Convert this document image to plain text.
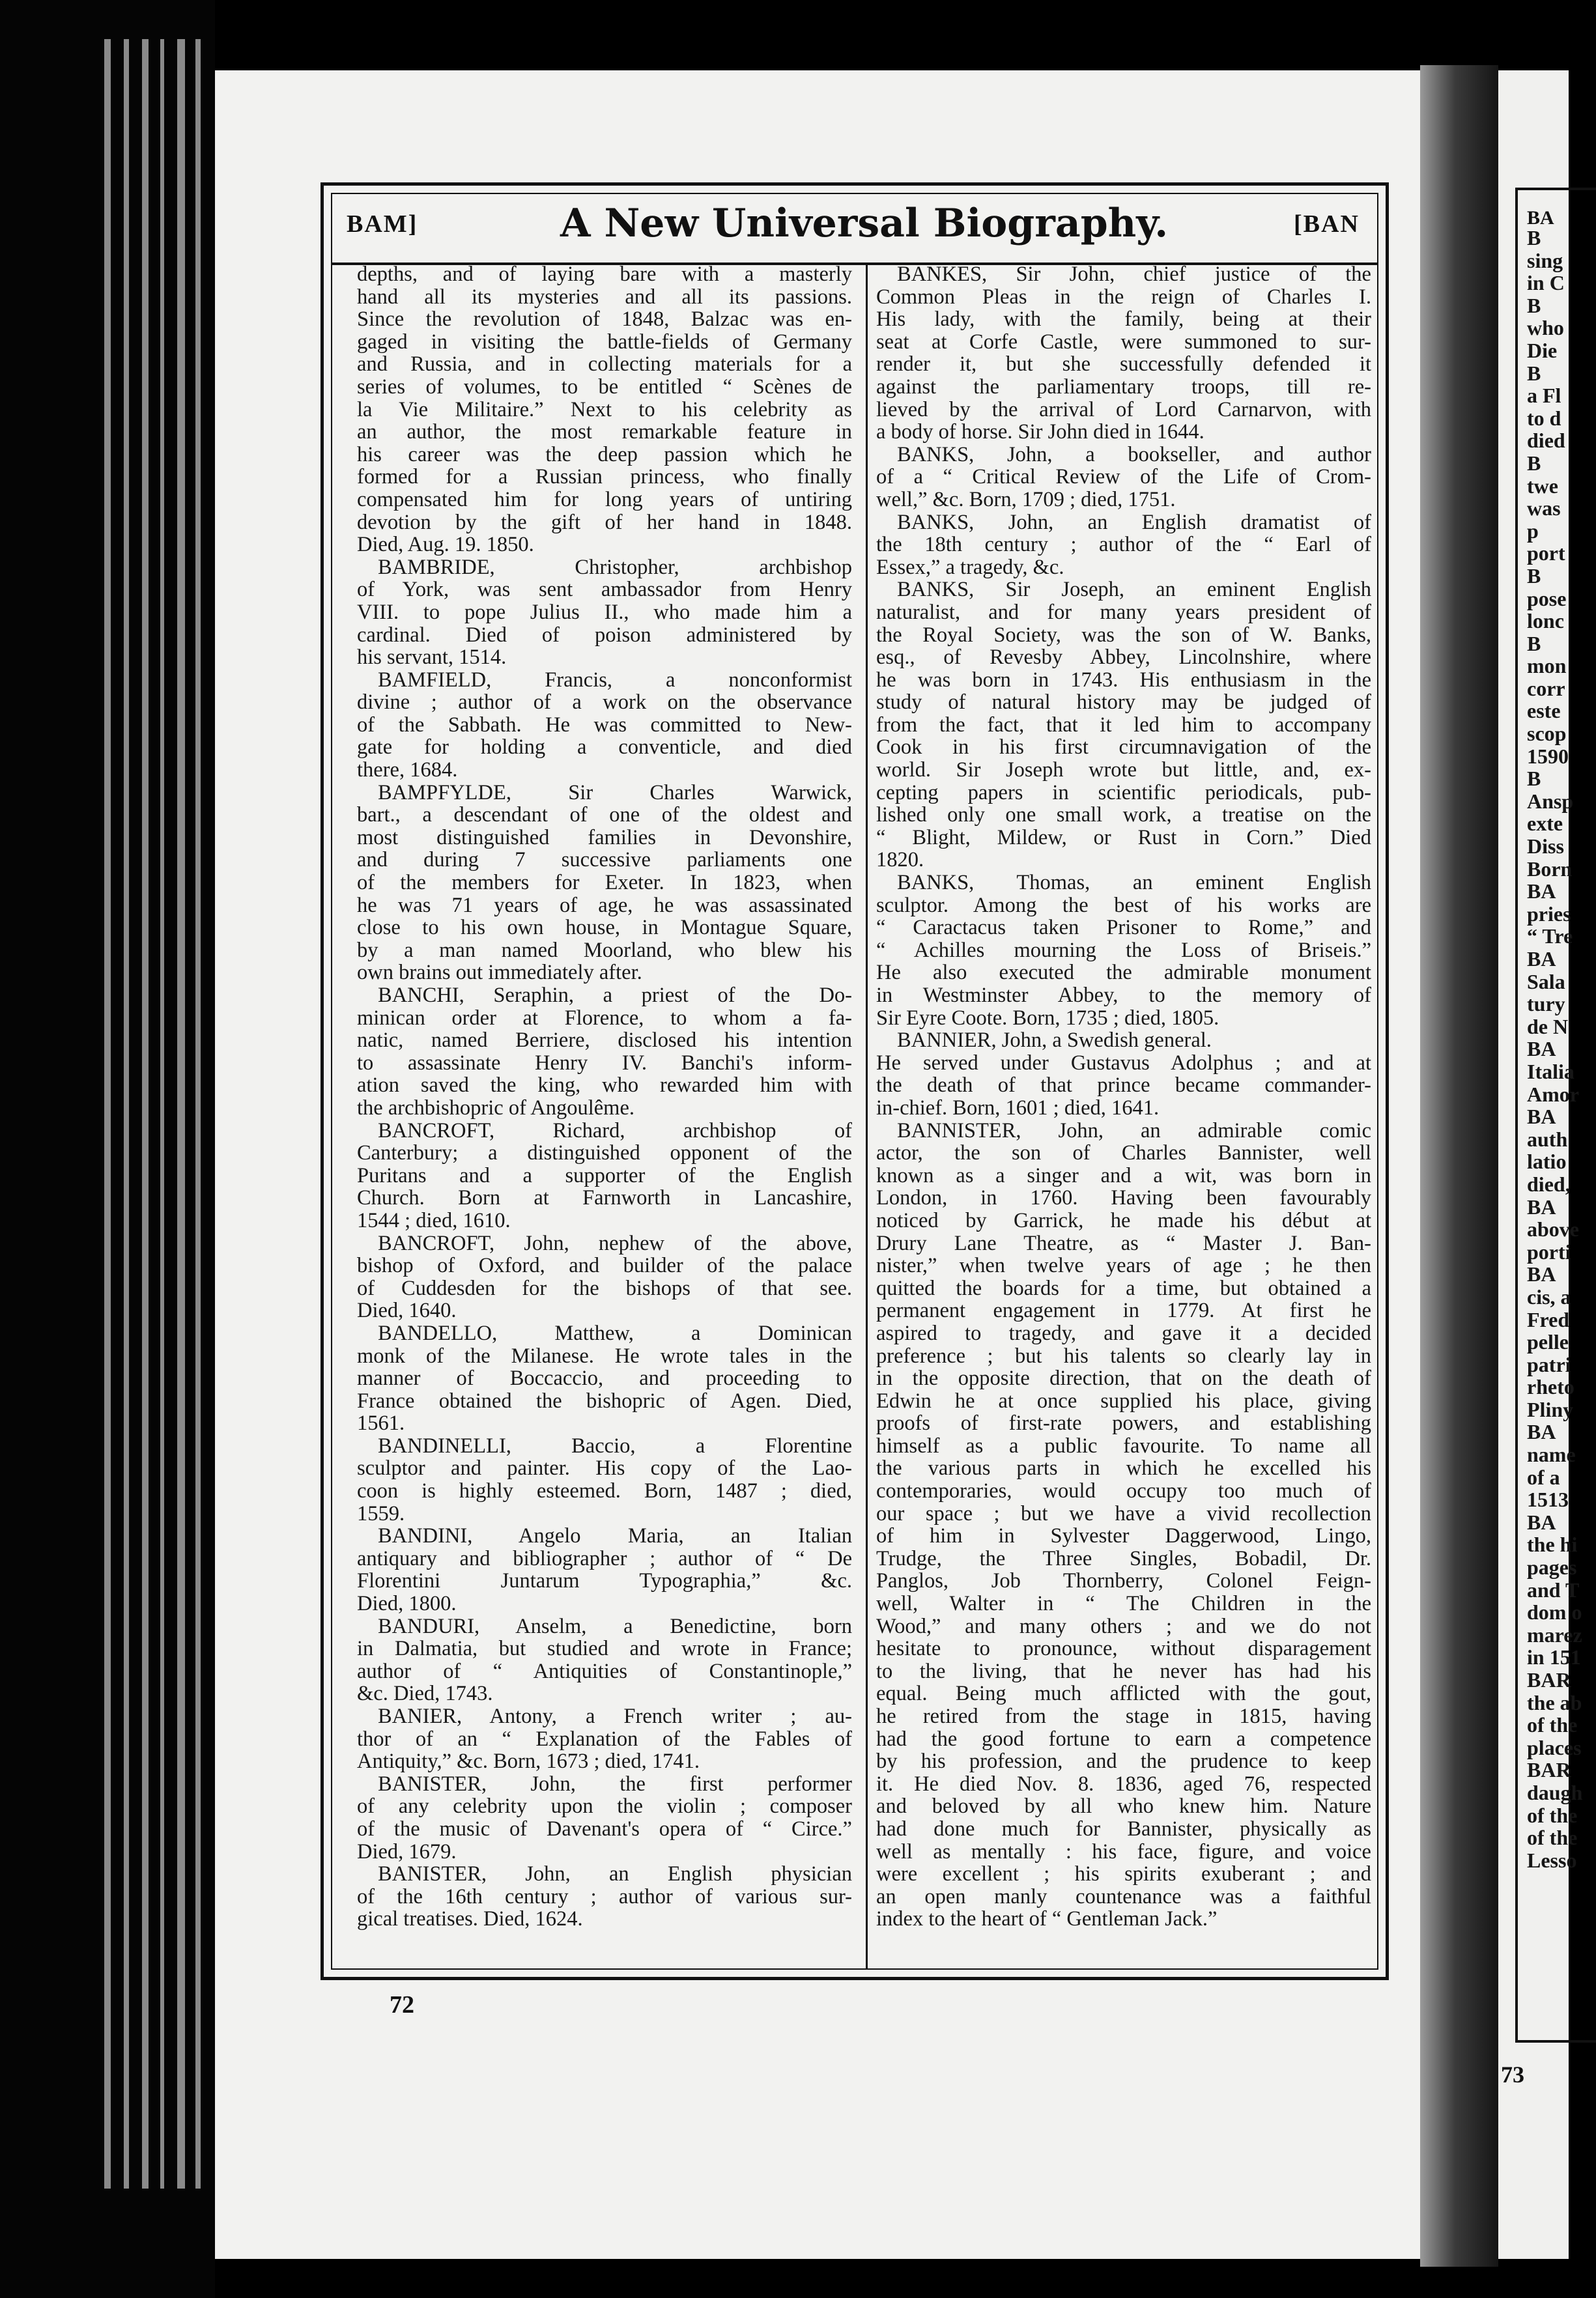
BA
B
sing
in C
B
who
Die
B
a Fl
to d
died
B
twe
was
p
port
B
pose
lonc
B
mon
corr
este
scop
1590
B
Ansp
exte
Diss
Born
BA
pries
“ Tre
BA
Sala
tury
de N
BA
Italia
Amor
BA
auth
latio
died,
BA
above
porti
BA
cis, a
Fred
pelle
patri
rheto
Pliny
BA
name
of a
1513
BA
the hi
pages
and T
dom o
marez
in 151
BAR
the ab
of the
places
BAR
daugh
of the
of the
Lesso
73
BAM]	A New Universal Biography.	[BAN
depths, and of laying bare with a masterly
hand all its mysteries and all its passions.
Since the revolution of 1848, Balzac was en-
gaged in visiting the battle-fields of Germany
and Russia, and in collecting materials for a
series of volumes, to be entitled “ Scènes de
la Vie Militaire.” Next to his celebrity as
an author, the most remarkable feature in
his career was the deep passion which he
formed for a Russian princess, who finally
compensated him for long years of untiring
devotion by the gift of her hand in 1848.
Died, Aug. 19. 1850.
BAMBRIDE, Christopher, archbishop
of York, was sent ambassador from Henry
VIII. to pope Julius II., who made him a
cardinal. Died of poison administered by
his servant, 1514.
BAMFIELD, Francis, a nonconformist
divine ; author of a work on the observance
of the Sabbath. He was committed to New-
gate for holding a conventicle, and died
there, 1684.
BAMPFYLDE, Sir Charles Warwick,
bart., a descendant of one of the oldest and
most distinguished families in Devonshire,
and during 7 successive parliaments one
of the members for Exeter. In 1823, when
he was 71 years of age, he was assassinated
close to his own house, in Montague Square,
by a man named Moorland, who blew his
own brains out immediately after.
BANCHI, Seraphin, a priest of the Do-
minican order at Florence, to whom a fa-
natic, named Berriere, disclosed his intention
to assassinate Henry IV. Banchi's inform-
ation saved the king, who rewarded him with
the archbishopric of Angoulême.
BANCROFT, Richard, archbishop of
Canterbury; a distinguished opponent of the
Puritans and a supporter of the English
Church. Born at Farnworth in Lancashire,
1544 ; died, 1610.
BANCROFT, John, nephew of the above,
bishop of Oxford, and builder of the palace
of Cuddesden for the bishops of that see.
Died, 1640.
BANDELLO, Matthew, a Dominican
monk of the Milanese. He wrote tales in the
manner of Boccaccio, and proceeding to
France obtained the bishopric of Agen. Died,
1561.
BANDINELLI, Baccio, a Florentine
sculptor and painter. His copy of the Lao-
coon is highly esteemed. Born, 1487 ; died,
1559.
BANDINI, Angelo Maria, an Italian
antiquary and bibliographer ; author of “ De
Florentini Juntarum Typographia,” &c.
Died, 1800.
BANDURI, Anselm, a Benedictine, born
in Dalmatia, but studied and wrote in France;
author of “ Antiquities of Constantinople,”
&c. Died, 1743.
BANIER, Antony, a French writer ; au-
thor of an “ Explanation of the Fables of
Antiquity,” &c. Born, 1673 ; died, 1741.
BANISTER, John, the first performer
of any celebrity upon the violin ; composer
of the music of Davenant's opera of “ Circe.”
Died, 1679.
BANISTER, John, an English physician
of the 16th century ; author of various sur-
gical treatises. Died, 1624.
BANKES, Sir John, chief justice of the
Common Pleas in the reign of Charles I.
His lady, with the family, being at their
seat at Corfe Castle, were summoned to sur-
render it, but she successfully defended it
against the parliamentary troops, till re-
lieved by the arrival of Lord Carnarvon, with
a body of horse. Sir John died in 1644.
BANKS, John, a bookseller, and author
of a “ Critical Review of the Life of Crom-
well,” &c. Born, 1709 ; died, 1751.
BANKS, John, an English dramatist of
the 18th century ; author of the “ Earl of
Essex,” a tragedy, &c.
BANKS, Sir Joseph, an eminent English
naturalist, and for many years president of
the Royal Society, was the son of W. Banks,
esq., of Revesby Abbey, Lincolnshire, where
he was born in 1743. His enthusiasm in the
study of natural history may be judged of
from the fact, that it led him to accompany
Cook in his first circumnavigation of the
world. Sir Joseph wrote but little, and, ex-
cepting papers in scientific periodicals, pub-
lished only one small work, a treatise on the
“ Blight, Mildew, or Rust in Corn.” Died
1820.
BANKS, Thomas, an eminent English
sculptor. Among the best of his works are
“ Caractacus taken Prisoner to Rome,” and
“ Achilles mourning the Loss of Briseis.”
He also executed the admirable monument
in Westminster Abbey, to the memory of
Sir Eyre Coote. Born, 1735 ; died, 1805.
BANNIER, John, a Swedish general.
He served under Gustavus Adolphus ; and at
the death of that prince became commander-
in-chief. Born, 1601 ; died, 1641.
BANNISTER, John, an admirable comic
actor, the son of Charles Bannister, well
known as a singer and a wit, was born in
London, in 1760. Having been favourably
noticed by Garrick, he made his début at
Drury Lane Theatre, as “ Master J. Ban-
nister,” when twelve years of age ; he then
quitted the boards for a time, but obtained a
permanent engagement in 1779. At first he
aspired to tragedy, and gave it a decided
preference ; but his talents so clearly lay in
in the opposite direction, that on the death of
Edwin he at once supplied his place, giving
proofs of first-rate powers, and establishing
himself as a public favourite. To name all
the various parts in which he excelled his
contemporaries, would occupy too much of
our space ; but we have a vivid recollection
of him in Sylvester Daggerwood, Lingo,
Trudge, the Three Singles, Bobadil, Dr.
Panglos, Job Thornberry, Colonel Feign-
well, Walter in “ The Children in the
Wood,” and many others ; and we do not
hesitate to pronounce, without disparagement
to the living, that he never has had his
equal. Being much afflicted with the gout,
he retired from the stage in 1815, having
had the good fortune to earn a competence
by his profession, and the prudence to keep
it. He died Nov. 8. 1836, aged 76, respected
and beloved by all who knew him. Nature
had done much for Bannister, physically as
well as mentally : his face, figure, and voice
were excellent ; his spirits exuberant ; and
an open manly countenance was a faithful
index to the heart of “ Gentleman Jack.”
72
